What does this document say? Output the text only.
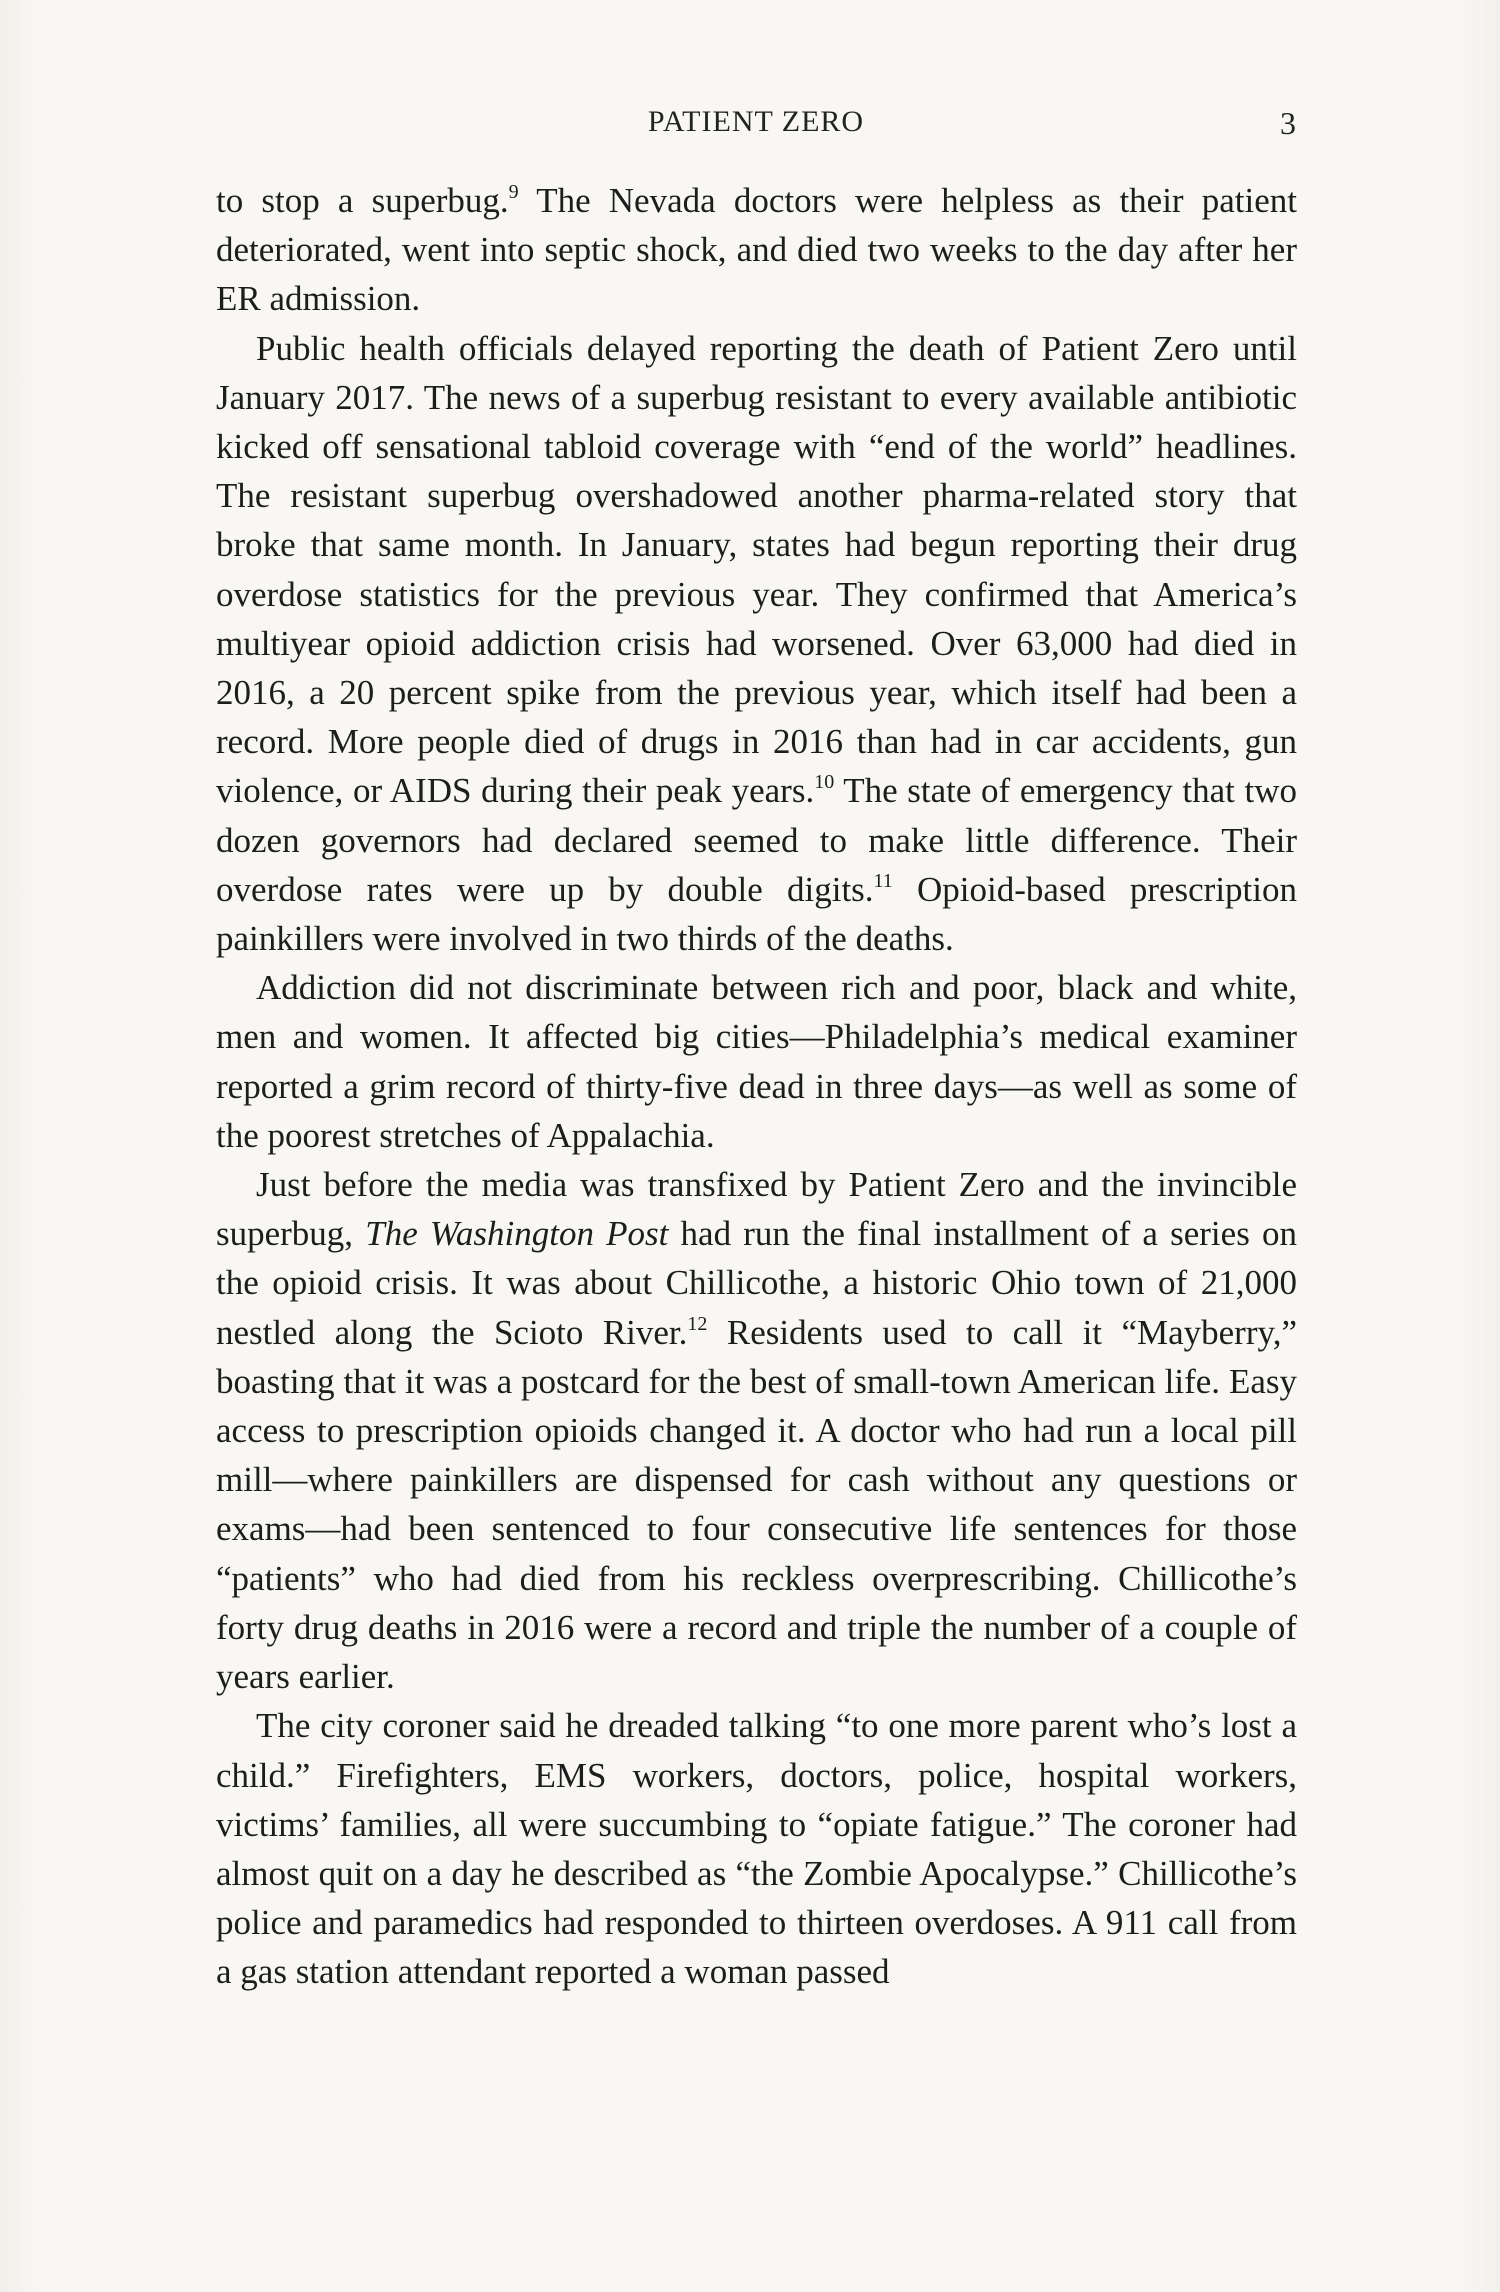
PATIENT ZERO	3

to stop a superbug.$^9$ The Nevada doctors were helpless as their patient deteriorated, went into septic shock, and died two weeks to the day after her ER admission.

Public health officials delayed reporting the death of Patient Zero until January 2017. The news of a superbug resistant to every available antibiotic kicked off sensational tabloid coverage with “end of the world” headlines. The resistant superbug overshadowed another pharma-related story that broke that same month. In January, states had begun reporting their drug overdose statistics for the previous year. They confirmed that America’s multiyear opioid addiction crisis had worsened. Over 63,000 had died in 2016, a 20 percent spike from the previous year, which itself had been a record. More people died of drugs in 2016 than had in car accidents, gun violence, or AIDS during their peak years.$^{10}$ The state of emergency that two dozen governors had declared seemed to make little difference. Their overdose rates were up by double digits.$^{11}$ Opioid-based prescription painkillers were involved in two thirds of the deaths.

Addiction did not discriminate between rich and poor, black and white, men and women. It affected big cities—Philadelphia’s medical examiner reported a grim record of thirty-five dead in three days—as well as some of the poorest stretches of Appalachia.

Just before the media was transfixed by Patient Zero and the invincible superbug, The Washington Post had run the final installment of a series on the opioid crisis. It was about Chillicothe, a historic Ohio town of 21,000 nestled along the Scioto River.$^{12}$ Residents used to call it “Mayberry,” boasting that it was a postcard for the best of small-town American life. Easy access to prescription opioids changed it. A doctor who had run a local pill mill—where painkillers are dispensed for cash without any questions or exams—had been sentenced to four consecutive life sentences for those “patients” who had died from his reckless overprescribing. Chillicothe’s forty drug deaths in 2016 were a record and triple the number of a couple of years earlier.

The city coroner said he dreaded talking “to one more parent who’s lost a child.” Firefighters, EMS workers, doctors, police, hospital workers, victims’ families, all were succumbing to “opiate fatigue.” The coroner had almost quit on a day he described as “the Zombie Apocalypse.” Chillicothe’s police and paramedics had responded to thirteen overdoses. A 911 call from a gas station attendant reported a woman passed
